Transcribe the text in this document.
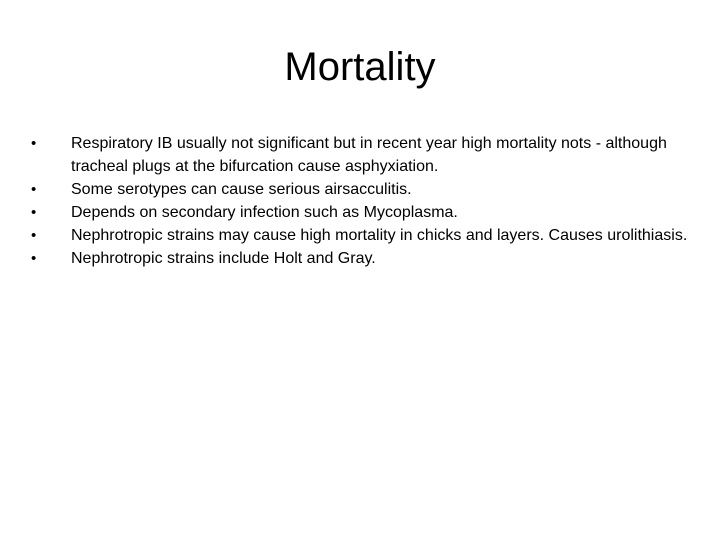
Mortality
•	Respiratory IB usually not significant but in recent year high mortality nots - although tracheal plugs at the bifurcation cause asphyxiation.
•	Some serotypes can cause serious airsacculitis.
•	Depends on secondary infection such as Mycoplasma.
•	Nephrotropic strains may cause high mortality in chicks and layers. Causes urolithiasis.
•	Nephrotropic strains include Holt and Gray.
